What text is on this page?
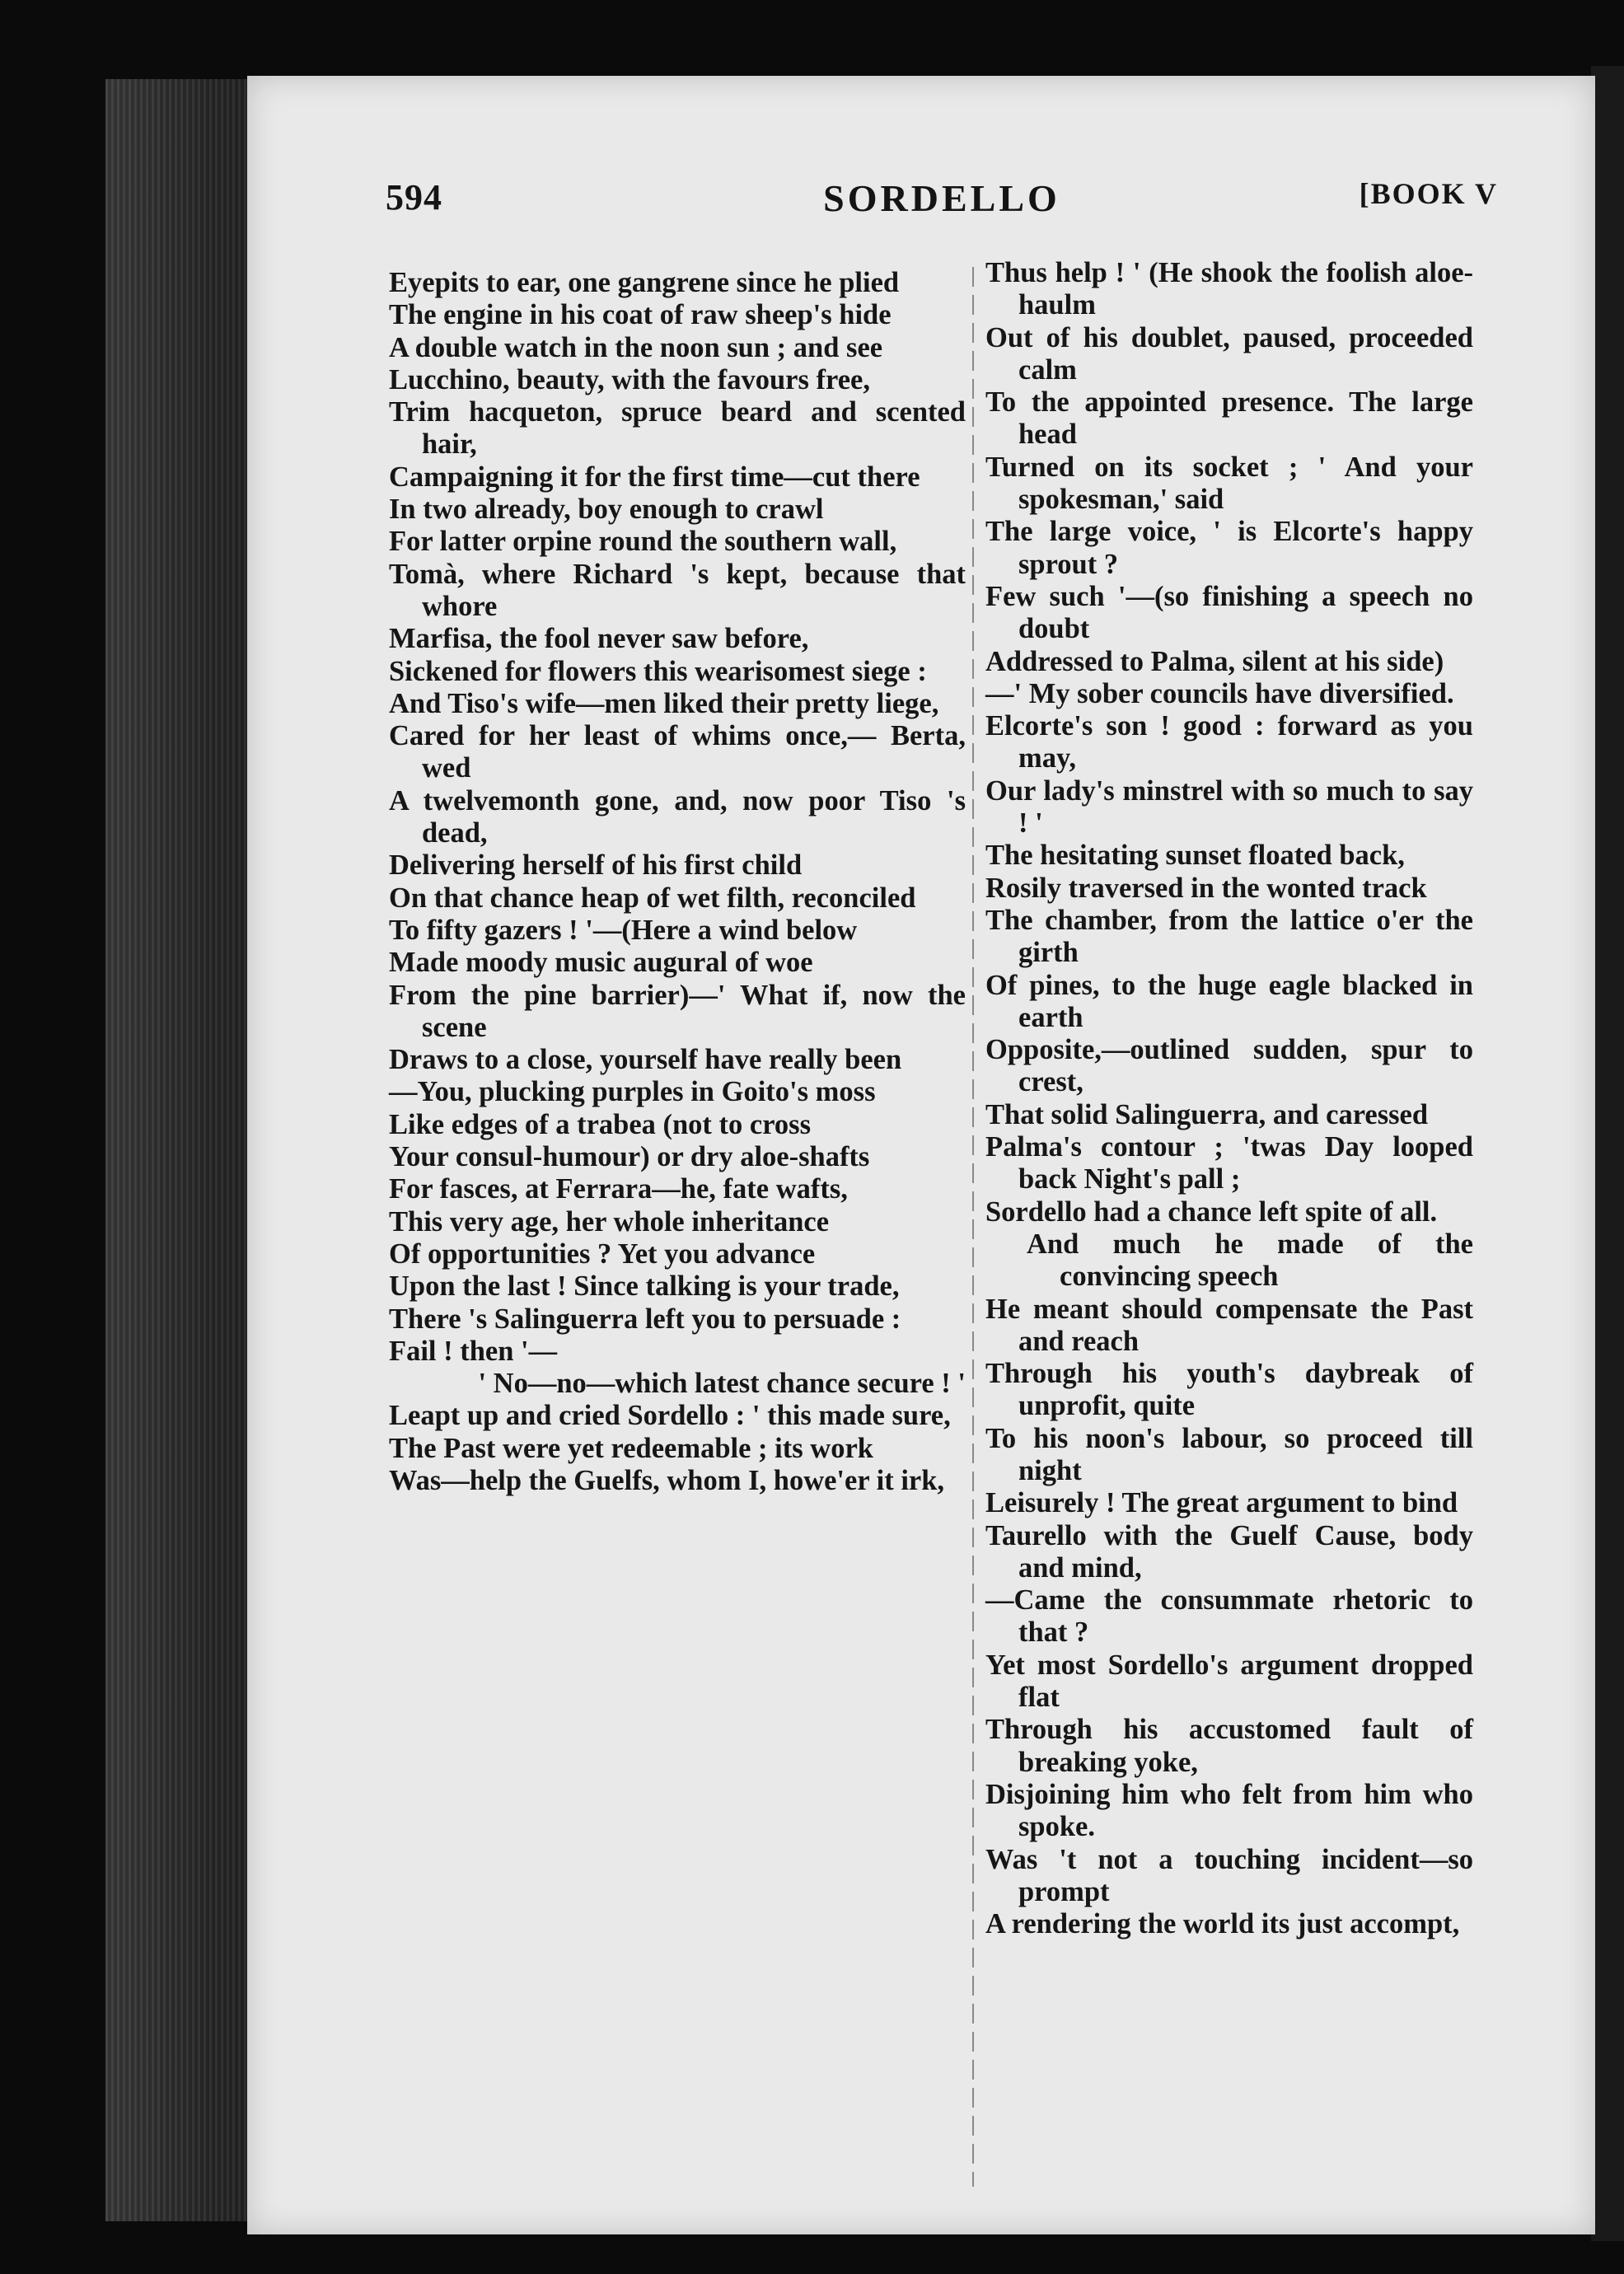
594	SORDELLO	[BOOK V
Eyepits to ear, one gangrene since he plied
The engine in his coat of raw sheep's hide
A double watch in the noon sun ; and see
Lucchino, beauty, with the favours free,
Trim hacqueton, spruce beard and scented hair,
Campaigning it for the first time—cut there
In two already, boy enough to crawl
For latter orpine round the southern wall,
Tomà, where Richard 's kept, because that whore
Marfisa, the fool never saw before,
Sickened for flowers this wearisomest siege :
And Tiso's wife—men liked their pretty liege,
Cared for her least of whims once,— Berta, wed
A twelvemonth gone, and, now poor Tiso 's dead,
Delivering herself of his first child
On that chance heap of wet filth, reconciled
To fifty gazers ! '—(Here a wind below
Made moody music augural of woe
From the pine barrier)—' What if, now the scene
Draws to a close, yourself have really been
—You, plucking purples in Goito's moss
Like edges of a trabea (not to cross
Your consul-humour) or dry aloe-shafts
For fasces, at Ferrara—he, fate wafts,
This very age, her whole inheritance
Of opportunities ? Yet you advance
Upon the last ! Since talking is your trade,
There 's Salinguerra left you to persuade :
Fail ! then '—
' No—no—which latest chance secure ! '
Leapt up and cried Sordello : ' this made sure,
The Past were yet redeemable ; its work
Was—help the Guelfs, whom I, howe'er it irk,
Thus help ! ' (He shook the foolish aloe-haulm
Out of his doublet, paused, proceeded calm
To the appointed presence. The large head
Turned on its socket ; ' And your spokesman,' said
The large voice, ' is Elcorte's happy sprout ?
Few such '—(so finishing a speech no doubt
Addressed to Palma, silent at his side)
—' My sober councils have diversified.
Elcorte's son ! good : forward as you may,
Our lady's minstrel with so much to say ! '
The hesitating sunset floated back,
Rosily traversed in the wonted track
The chamber, from the lattice o'er the girth
Of pines, to the huge eagle blacked in earth
Opposite,—outlined sudden, spur to crest,
That solid Salinguerra, and caressed
Palma's contour ; 'twas Day looped back Night's pall ;
Sordello had a chance left spite of all.
And much he made of the convincing speech
He meant should compensate the Past and reach
Through his youth's daybreak of unprofit, quite
To his noon's labour, so proceed till night
Leisurely ! The great argument to bind
Taurello with the Guelf Cause, body and mind,
—Came the consummate rhetoric to that ?
Yet most Sordello's argument dropped flat
Through his accustomed fault of breaking yoke,
Disjoining him who felt from him who spoke.
Was 't not a touching incident—so prompt
A rendering the world its just accompt,
